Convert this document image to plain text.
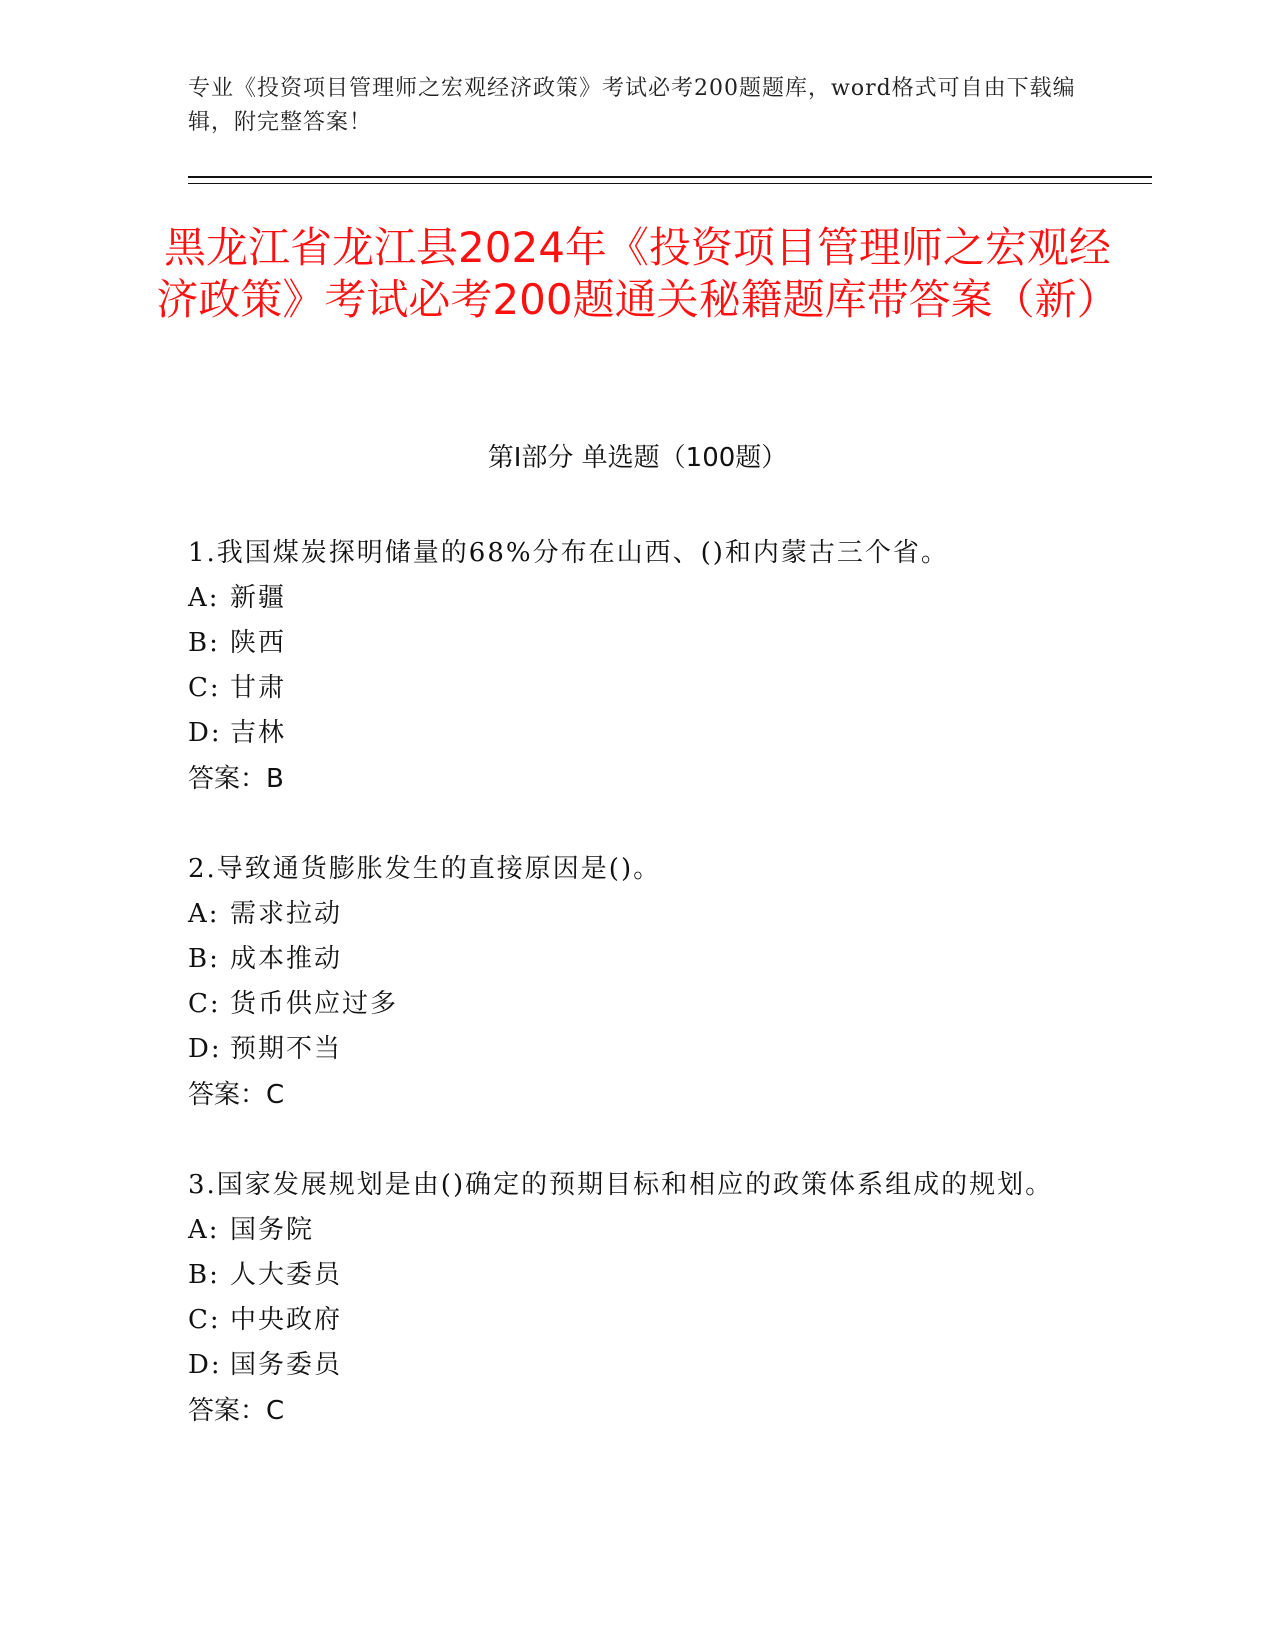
专业《投资项目管理师之宏观经济政策》考试必考200题题库，word格式可自由下载编辑，附完整答案！
黑龙江省龙江县2024年《投资项目管理师之宏观经济政策》考试必考200题通关秘籍题库带答案（新）
第Ⅰ部分 单选题（100题）
1.我国煤炭探明储量的68%分布在山西、()和内蒙古三个省。
A: 新疆
B: 陕西
C: 甘肃
D: 吉林
答案：B
2.导致通货膨胀发生的直接原因是()。
A: 需求拉动
B: 成本推动
C: 货币供应过多
D: 预期不当
答案：C
3.国家发展规划是由()确定的预期目标和相应的政策体系组成的规划。
A: 国务院
B: 人大委员
C: 中央政府
D: 国务委员
答案：C
